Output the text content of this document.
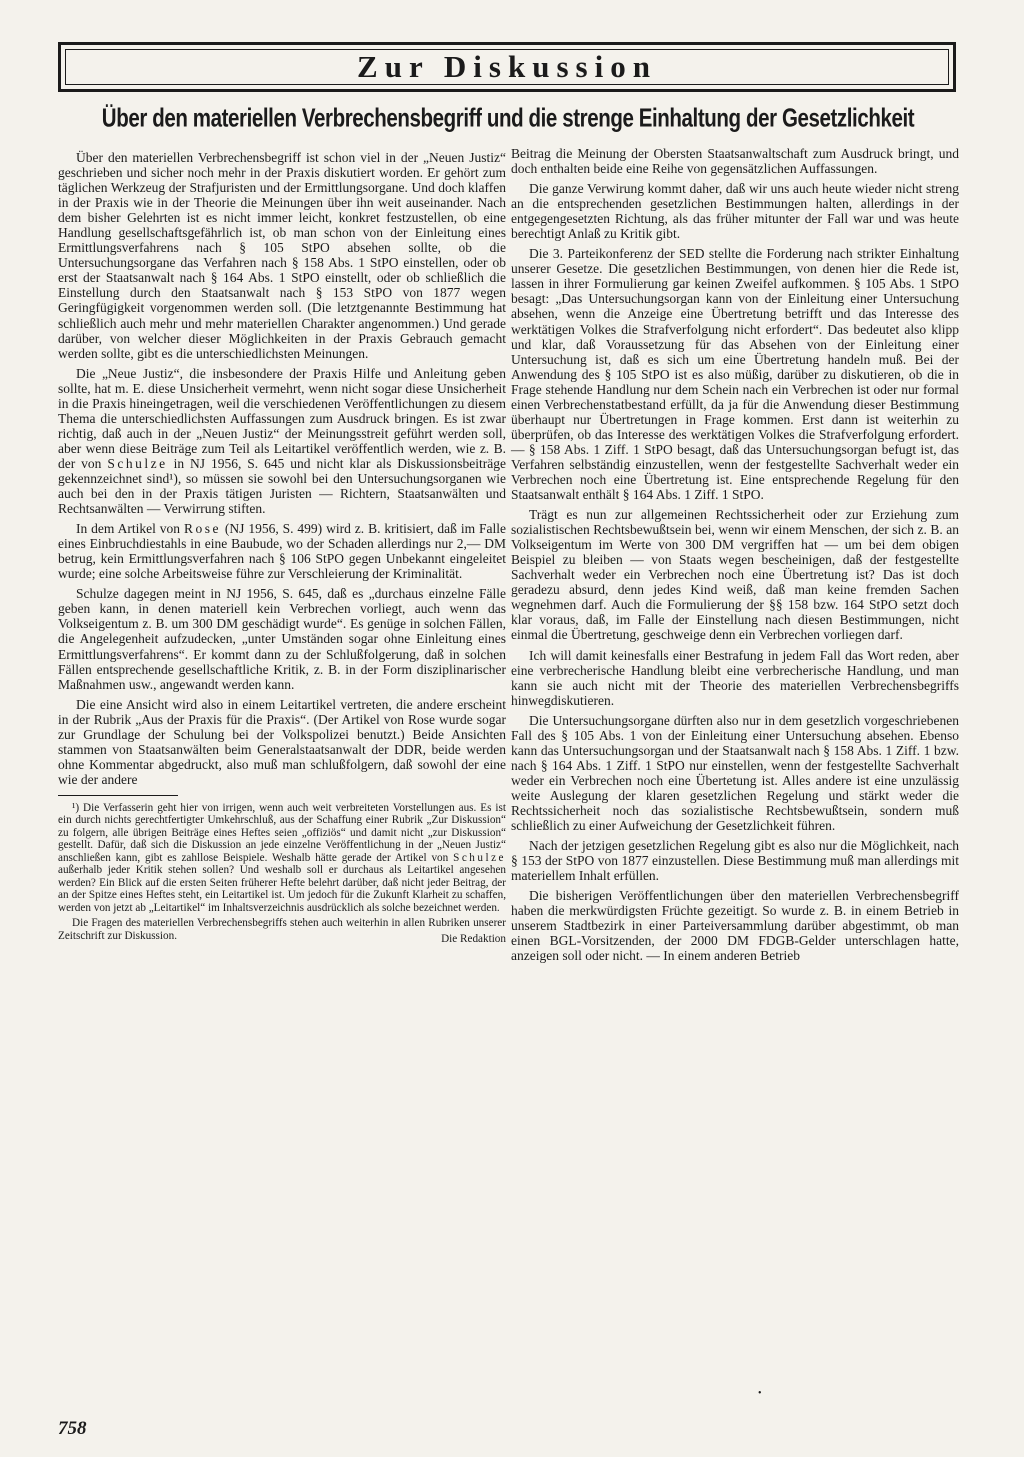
Zur Diskussion
Über den materiellen Verbrechensbegriff und die strenge Einhaltung der Gesetzlichkeit

Über den materiellen Verbrechensbegriff ist schon viel in der „Neuen Justiz“ geschrieben und sicher noch mehr in der Praxis diskutiert worden. Er gehört zum täglichen Werkzeug der Strafjuristen und der Ermittlungsorgane. Und doch klaffen in der Praxis wie in der Theorie die Meinungen über ihn weit auseinander. Nach dem bisher Gelehrten ist es nicht immer leicht, konkret festzustellen, ob eine Handlung gesellschaftsgefährlich ist, ob man schon von der Einleitung eines Ermittlungsverfahrens nach § 105 StPO absehen sollte, ob die Untersuchungsorgane das Verfahren nach § 158 Abs. 1 StPO einstellen, oder ob erst der Staatsanwalt nach § 164 Abs. 1 StPO einstellt, oder ob schließlich die Einstellung durch den Staatsanwalt nach § 153 StPO von 1877 wegen Geringfügigkeit vorgenommen werden soll. (Die letztgenannte Bestimmung hat schließlich auch mehr und mehr materiellen Charakter angenommen.) Und gerade darüber, von welcher dieser Möglichkeiten in der Praxis Gebrauch gemacht werden sollte, gibt es die unterschiedlichsten Meinungen.

Die „Neue Justiz“, die insbesondere der Praxis Hilfe und Anleitung geben sollte, hat m. E. diese Unsicherheit vermehrt, wenn nicht sogar diese Unsicherheit in die Praxis hineingetragen, weil die verschiedenen Veröffentlichungen zu diesem Thema die unterschiedlichsten Auffassungen zum Ausdruck bringen. Es ist zwar richtig, daß auch in der „Neuen Justiz“ der Meinungsstreit geführt werden soll, aber wenn diese Beiträge zum Teil als Leitartikel veröffentlich werden, wie z. B. der von Schulze in NJ 1956, S. 645 und nicht klar als Diskussionsbeiträge gekennzeichnet sind¹), so müssen sie sowohl bei den Untersuchungsorganen wie auch bei den in der Praxis tätigen Juristen — Richtern, Staatsanwälten und Rechtsanwälten — Verwirrung stiften.

In dem Artikel von Rose (NJ 1956, S. 499) wird z. B. kritisiert, daß im Falle eines Einbruchdiestahls in eine Baubude, wo der Schaden allerdings nur 2,— DM betrug, kein Ermittlungsverfahren nach § 106 StPO gegen Unbekannt eingeleitet wurde; eine solche Arbeitsweise führe zur Verschleierung der Kriminalität.

Schulze dagegen meint in NJ 1956, S. 645, daß es „durchaus einzelne Fälle geben kann, in denen materiell kein Verbrechen vorliegt, auch wenn das Volkseigentum z. B. um 300 DM geschädigt wurde“. Es genüge in solchen Fällen, die Angelegenheit aufzudecken, „unter Umständen sogar ohne Einleitung eines Ermittlungsverfahrens“. Er kommt dann zu der Schlußfolgerung, daß in solchen Fällen entsprechende gesellschaftliche Kritik, z. B. in der Form disziplinarischer Maßnahmen usw., angewandt werden kann.

Die eine Ansicht wird also in einem Leitartikel vertreten, die andere erscheint in der Rubrik „Aus der Praxis für die Praxis“. (Der Artikel von Rose wurde sogar zur Grundlage der Schulung bei der Volkspolizei benutzt.) Beide Ansichten stammen von Staatsanwälten beim Generalstaatsanwalt der DDR, beide werden ohne Kommentar abgedruckt, also muß man schlußfolgern, daß sowohl der eine wie der andere

¹) Die Verfasserin geht hier von irrigen, wenn auch weit verbreiteten Vorstellungen aus. Es ist ein durch nichts gerechtfertigter Umkehrschluß, aus der Schaffung einer Rubrik „Zur Diskussion“ zu folgern, alle übrigen Beiträge eines Heftes seien „offiziös“ und damit nicht „zur Diskussion“ gestellt. Dafür, daß sich die Diskussion an jede einzelne Veröffentlichung in der „Neuen Justiz“ anschließen kann, gibt es zahllose Beispiele. Weshalb hätte gerade der Artikel von Schulze außerhalb jeder Kritik stehen sollen? Und weshalb soll er durchaus als Leitartikel angesehen werden? Ein Blick auf die ersten Seiten früherer Hefte belehrt darüber, daß nicht jeder Beitrag, der an der Spitze eines Heftes steht, ein Leitartikel ist. Um jedoch für die Zukunft Klarheit zu schaffen, werden von jetzt ab „Leitartikel“ im Inhaltsverzeichnis ausdrücklich als solche bezeichnet werden.

Die Fragen des materiellen Verbrechensbegriffs stehen auch weiterhin in allen Rubriken unserer Zeitschrift zur Diskussion.	Die Redaktion

Beitrag die Meinung der Obersten Staatsanwaltschaft zum Ausdruck bringt, und doch enthalten beide eine Reihe von gegensätzlichen Auffassungen.

Die ganze Verwirung kommt daher, daß wir uns auch heute wieder nicht streng an die entsprechenden gesetzlichen Bestimmungen halten, allerdings in der entgegengesetzten Richtung, als das früher mitunter der Fall war und was heute berechtigt Anlaß zu Kritik gibt.

Die 3. Parteikonferenz der SED stellte die Forderung nach strikter Einhaltung unserer Gesetze. Die gesetzlichen Bestimmungen, von denen hier die Rede ist, lassen in ihrer Formulierung gar keinen Zweifel aufkommen. § 105 Abs. 1 StPO besagt: „Das Untersuchungsorgan kann von der Einleitung einer Untersuchung absehen, wenn die Anzeige eine Übertretung betrifft und das Interesse des werktätigen Volkes die Strafverfolgung nicht erfordert“. Das bedeutet also klipp und klar, daß Voraussetzung für das Absehen von der Einleitung einer Untersuchung ist, daß es sich um eine Übertretung handeln muß. Bei der Anwendung des § 105 StPO ist es also müßig, darüber zu diskutieren, ob die in Frage stehende Handlung nur dem Schein nach ein Verbrechen ist oder nur formal einen Verbrechenstatbestand erfüllt, da ja für die Anwendung dieser Bestimmung überhaupt nur Übertretungen in Frage kommen. Erst dann ist weiterhin zu überprüfen, ob das Interesse des werktätigen Volkes die Strafverfolgung erfordert. — § 158 Abs. 1 Ziff. 1 StPO besagt, daß das Untersuchungsorgan befugt ist, das Verfahren selbständig einzustellen, wenn der festgestellte Sachverhalt weder ein Verbrechen noch eine Übertretung ist. Eine entsprechende Regelung für den Staatsanwalt enthält § 164 Abs. 1 Ziff. 1 StPO.

Trägt es nun zur allgemeinen Rechtssicherheit oder zur Erziehung zum sozialistischen Rechtsbewußtsein bei, wenn wir einem Menschen, der sich z. B. an Volkseigentum im Werte von 300 DM vergriffen hat — um bei dem obigen Beispiel zu bleiben — von Staats wegen bescheinigen, daß der festgestellte Sachverhalt weder ein Verbrechen noch eine Übertretung ist? Das ist doch geradezu absurd, denn jedes Kind weiß, daß man keine fremden Sachen wegnehmen darf. Auch die Formulierung der §§ 158 bzw. 164 StPO setzt doch klar voraus, daß, im Falle der Einstellung nach diesen Bestimmungen, nicht einmal die Übertretung, geschweige denn ein Verbrechen vorliegen darf.

Ich will damit keinesfalls einer Bestrafung in jedem Fall das Wort reden, aber eine verbrecherische Handlung bleibt eine verbrecherische Handlung, und man kann sie auch nicht mit der Theorie des materiellen Verbrechensbegriffs hinwegdiskutieren.

Die Untersuchungsorgane dürften also nur in dem gesetzlich vorgeschriebenen Fall des § 105 Abs. 1 von der Einleitung einer Untersuchung absehen. Ebenso kann das Untersuchungsorgan und der Staatsanwalt nach § 158 Abs. 1 Ziff. 1 bzw. nach § 164 Abs. 1 Ziff. 1 StPO nur einstellen, wenn der festgestellte Sachverhalt weder ein Verbrechen noch eine Übertetung ist. Alles andere ist eine unzulässig weite Auslegung der klaren gesetzlichen Regelung und stärkt weder die Rechtssicherheit noch das sozialistische Rechtsbewußtsein, sondern muß schließlich zu einer Aufweichung der Gesetzlichkeit führen.

Nach der jetzigen gesetzlichen Regelung gibt es also nur die Möglichkeit, nach § 153 der StPO von 1877 einzustellen. Diese Bestimmung muß man allerdings mit materiellem Inhalt erfüllen.

Die bisherigen Veröffentlichungen über den materiellen Verbrechensbegriff haben die merkwürdigsten Früchte gezeitigt. So wurde z. B. in einem Betrieb in unserem Stadtbezirk in einer Parteiversammlung darüber abgestimmt, ob man einen BGL-Vorsitzenden, der 2000 DM FDGB-Gelder unterschlagen hatte, anzeigen soll oder nicht. — In einem anderen Betrieb

758
•
